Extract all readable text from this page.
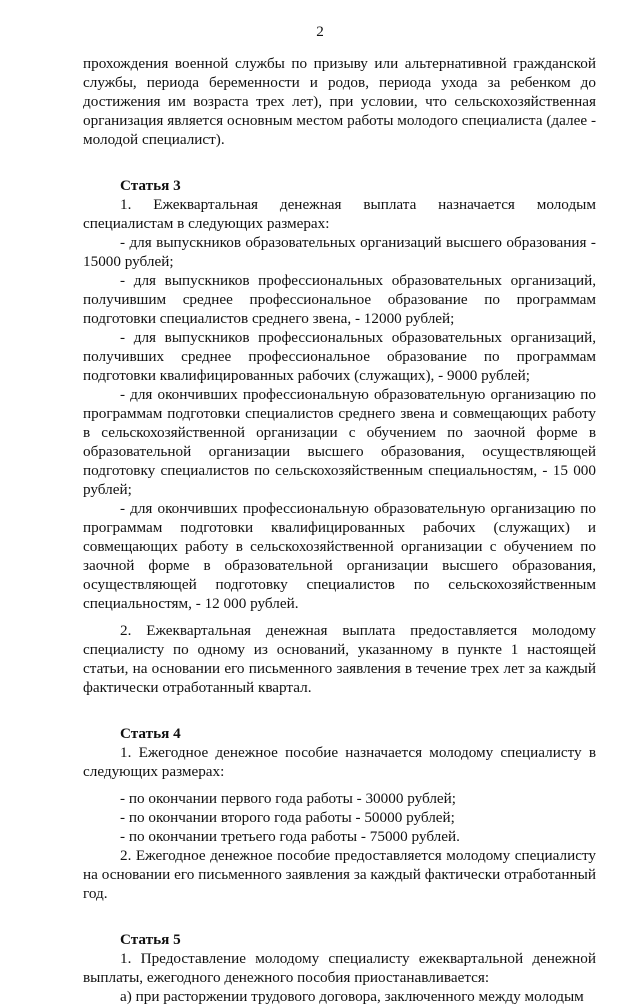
2

прохождения военной службы по призыву или альтернативной гражданской службы, периода беременности и родов, периода ухода за ребенком до достижения им возраста трех лет), при условии, что сельскохозяйственная организация является основным местом работы молодого специалиста (далее - молодой специалист).

Статья 3

1. Ежеквартальная денежная выплата назначается молодым специалистам в следующих размерах:

- для выпускников образовательных организаций высшего образования - 15000 рублей;

- для выпускников профессиональных образовательных организаций, получившим среднее профессиональное образование по программам подготовки специалистов среднего звена, - 12000 рублей;

- для выпускников профессиональных образовательных организаций, получивших среднее профессиональное образование по программам подготовки квалифицированных рабочих (служащих), - 9000 рублей;

- для окончивших профессиональную образовательную организацию по программам подготовки специалистов среднего звена и совмещающих работу в сельскохозяйственной организации с обучением по заочной форме в образовательной организации высшего образования, осуществляющей подготовку специалистов по сельскохозяйственным специальностям, - 15 000 рублей;

- для окончивших профессиональную образовательную организацию по программам подготовки квалифицированных рабочих (служащих) и совмещающих работу в сельскохозяйственной организации с обучением по заочной форме в образовательной организации высшего образования, осуществляющей подготовку специалистов по сельскохозяйственным специальностям, - 12 000 рублей.

2. Ежеквартальная денежная выплата предоставляется молодому специалисту по одному из оснований, указанному в пункте 1 настоящей статьи, на основании его письменного заявления в течение трех лет за каждый фактически отработанный квартал.

Статья 4

1. Ежегодное денежное пособие назначается молодому специалисту в следующих размерах:

- по окончании первого года работы - 30000 рублей;

- по окончании второго года работы - 50000 рублей;

- по окончании третьего года работы - 75000 рублей.

2. Ежегодное денежное пособие предоставляется молодому специалисту на основании его письменного заявления за каждый фактически отработанный год.

Статья 5

1. Предоставление молодому специалисту ежеквартальной денежной выплаты, ежегодного денежного пособия приостанавливается:

а) при расторжении трудового договора, заключенного между молодым
